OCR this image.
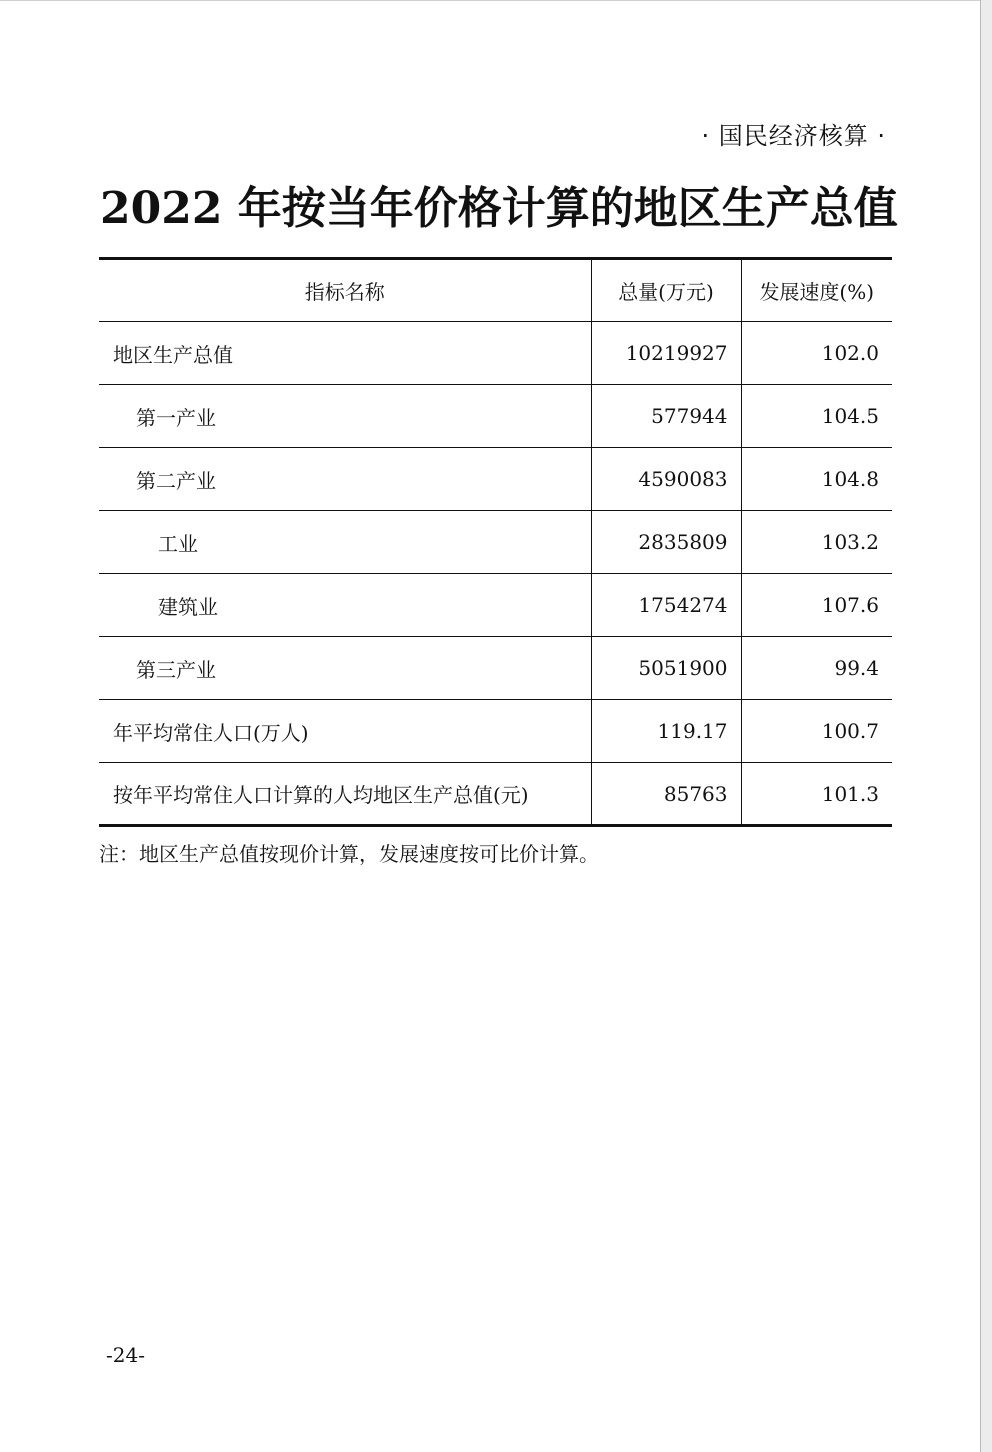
· 国民经济核算 ·
2022 年按当年价格计算的地区生产总值
指标名称	总量(万元)	发展速度(%)
地区生产总值	10219927	102.0
第一产业	577944	104.5
第二产业	4590083	104.8
工业	2835809	103.2
建筑业	1754274	107.6
第三产业	5051900	99.4
年平均常住人口(万人)	119.17	100.7
按年平均常住人口计算的人均地区生产总值(元)	85763	101.3
注：地区生产总值按现价计算，发展速度按可比价计算。
-24-
